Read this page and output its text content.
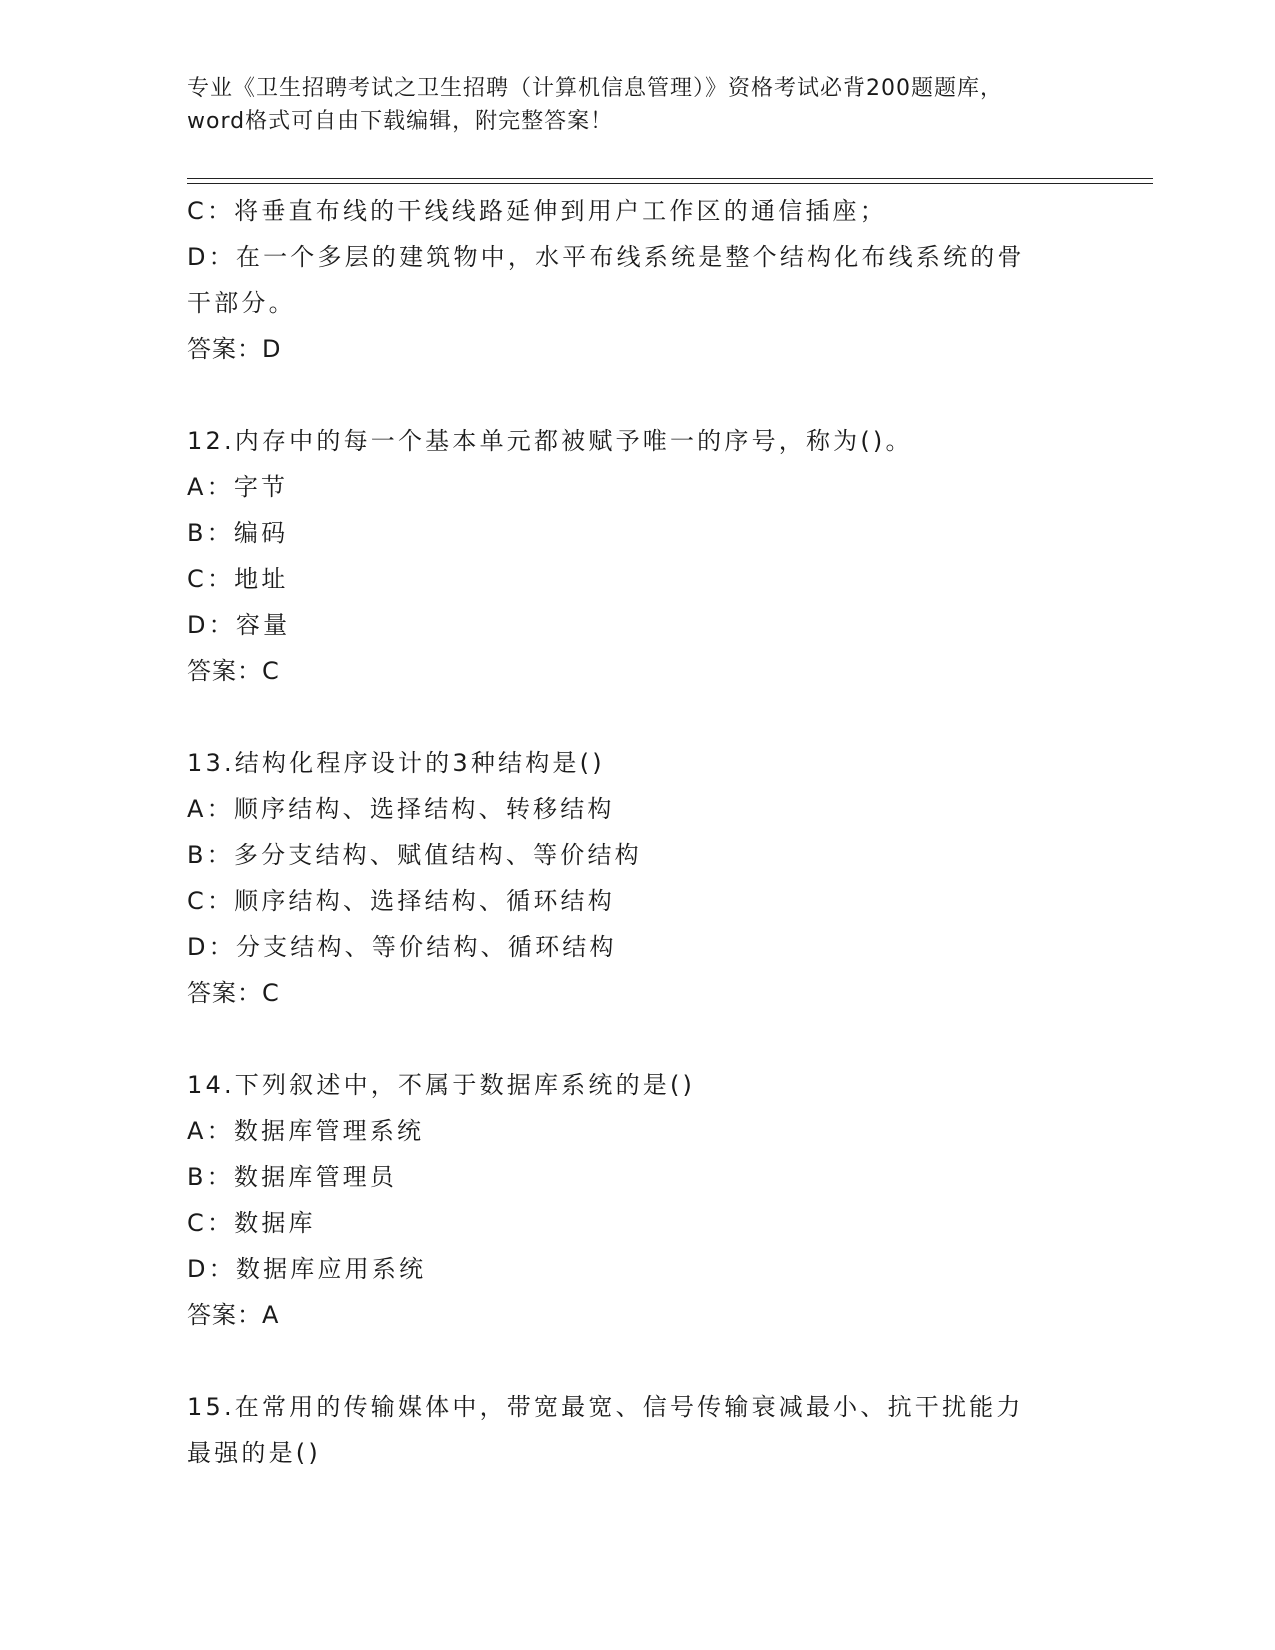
专业《卫生招聘考试之卫生招聘（计算机信息管理）》资格考试必背200题题库，
word格式可自由下载编辑，附完整答案！
C：将垂直布线的干线线路延伸到用户工作区的通信插座；
D：在一个多层的建筑物中，水平布线系统是整个结构化布线系统的骨
干部分。
答案：D
12.内存中的每一个基本单元都被赋予唯一的序号，称为()。
A：字节
B：编码
C：地址
D：容量
答案：C
13.结构化程序设计的3种结构是()
A：顺序结构、选择结构、转移结构
B：多分支结构、赋值结构、等价结构
C：顺序结构、选择结构、循环结构
D：分支结构、等价结构、循环结构
答案：C
14.下列叙述中，不属于数据库系统的是()
A：数据库管理系统
B：数据库管理员
C：数据库
D：数据库应用系统
答案：A
15.在常用的传输媒体中，带宽最宽、信号传输衰减最小、抗干扰能力
最强的是()
